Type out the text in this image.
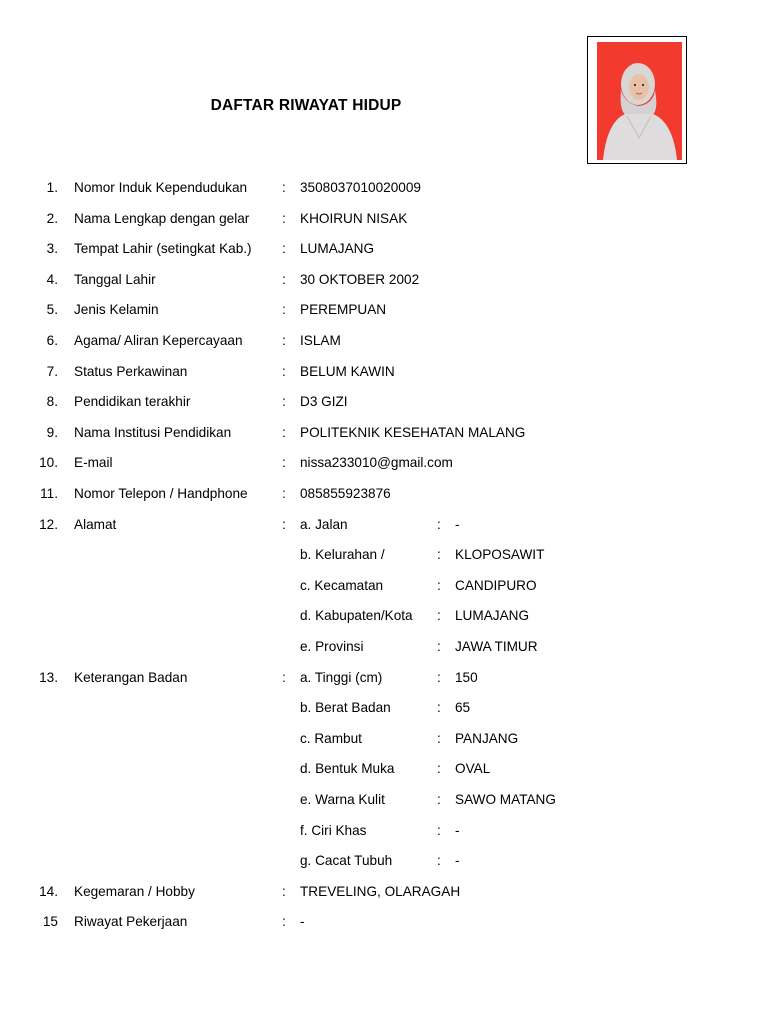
DAFTAR RIWAYAT HIDUP
1. Nomor Induk Kependudukan	: 3508037010020009
2. Nama Lengkap dengan gelar : KHOIRUN NISAK
3. Tempat Lahir (setingkat Kab.) : LUMAJANG
4. Tanggal Lahir	: 30 OKTOBER 2002
5. Jenis Kelamin	: PEREMPUAN
6. Agama/ Aliran Kepercayaan	: ISLAM
7. Status Perkawinan	: BELUM KAWIN
8. Pendidikan terakhir	: D3 GIZI
9. Nama Institusi Pendidikan	: POLITEKNIK KESEHATAN MALANG
10. E-mail	: nissa233010@gmail.com
11. Nomor Telepon / Handphone	: 085855923876
12. Alamat	: a. Jalan	: -
b. Kelurahan /	: KLOPOSAWIT
c. Kecamatan	: CANDIPURO
d. Kabupaten/Kota : LUMAJANG
e. Provinsi	: JAWA TIMUR
13. Keterangan Badan	: a. Tinggi (cm)	: 150
b. Berat Badan	: 65
c. Rambut	: PANJANG
d. Bentuk Muka	: OVAL
e. Warna Kulit	: SAWO MATANG
f. Ciri Khas	: -
g. Cacat Tubuh	: -
14. Kegemaran / Hobby	: TREVELING, OLARAGAH
15 Riwayat Pekerjaan	: -
